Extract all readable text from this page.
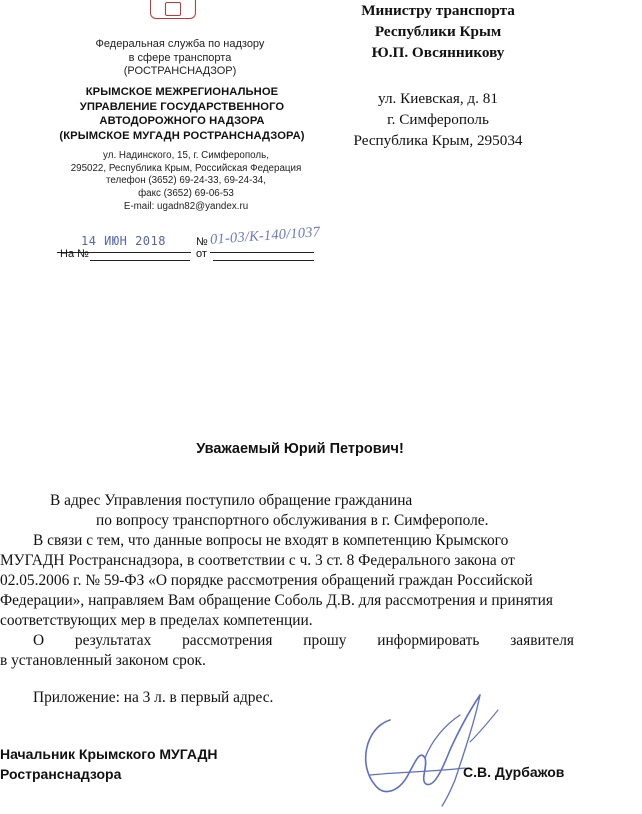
Федеральная служба по надзору
в сфере транспорта
(РОСТРАНСНАДЗОР)
КРЫМСКОЕ МЕЖРЕГИОНАЛЬНОЕ
УПРАВЛЕНИЕ ГОСУДАРСТВЕННОГО
АВТОДОРОЖНОГО НАДЗОРА
(КРЫМСКОЕ МУГАДН РОСТРАНСНАДЗОРА)
ул. Надинского, 15, г. Симферополь,
295022, Республика Крым, Российская Федерация
телефон (3652) 69-24-33, 69-24-34,
факс (3652) 69-06-53
E-mail: ugadn82@yandex.ru
14 ИЮН 2018	№ 01-03/К-140/1037
На №	от
Министру транспорта
Республики Крым
Ю.П. Овсянникову
ул. Киевская, д. 81
г. Симферополь
Республика Крым, 295034
Уважаемый Юрий Петрович!
В адрес Управления поступило обращение гражданина
по вопросу транспортного обслуживания в г. Симферополе.
В связи с тем, что данные вопросы не входят в компетенцию Крымского
МУГАДН Ространснадзора, в соответствии с ч. 3 ст. 8 Федерального закона от
02.05.2006 г. № 59-ФЗ «О порядке рассмотрения обращений граждан Российской
Федерации», направляем Вам обращение Соболь Д.В. для рассмотрения и принятия
соответствующих мер в пределах компетенции.
О        результатах        рассмотрения        прошу        информировать        заявителя
в установленный законом срок.
Приложение: на 3 л. в первый адрес.
Начальник Крымского МУГАДН
Ространснадзора	С.В. Дурбажов
